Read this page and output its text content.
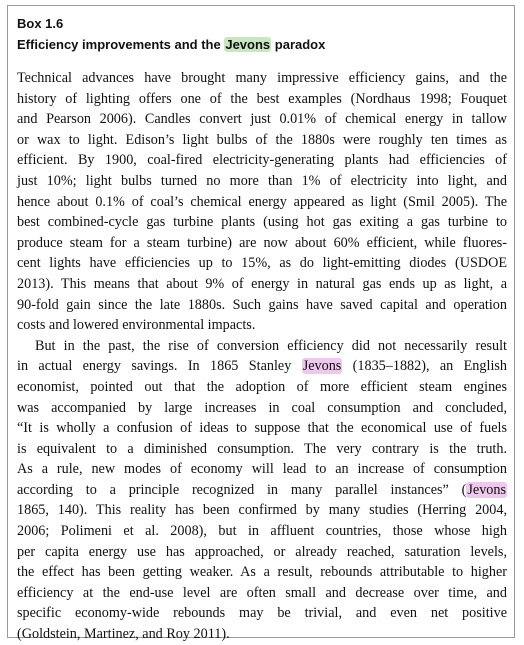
Box 1.6
Efficiency improvements and the Jevons paradox
Technical advances have brought many impressive efficiency gains, and the
history of lighting offers one of the best examples (Nordhaus 1998; Fouquet
and Pearson 2006). Candles convert just 0.01% of chemical energy in tallow
or wax to light. Edison’s light bulbs of the 1880s were roughly ten times as
efficient. By 1900, coal-fired electricity-generating plants had efficiencies of
just 10%; light bulbs turned no more than 1% of electricity into light, and
hence about 0.1% of coal’s chemical energy appeared as light (Smil 2005). The
best combined-cycle gas turbine plants (using hot gas exiting a gas turbine to
produce steam for a steam turbine) are now about 60% efficient, while fluores-
cent lights have efficiencies up to 15%, as do light-emitting diodes (USDOE
2013). This means that about 9% of energy in natural gas ends up as light, a
90-fold gain since the late 1880s. Such gains have saved capital and operation
costs and lowered environmental impacts.
But in the past, the rise of conversion efficiency did not necessarily result
in actual energy savings. In 1865 Stanley Jevons (1835–1882), an English
economist, pointed out that the adoption of more efficient steam engines
was accompanied by large increases in coal consumption and concluded,
“It is wholly a confusion of ideas to suppose that the economical use of fuels
is equivalent to a diminished consumption. The very contrary is the truth.
As a rule, new modes of economy will lead to an increase of consumption
according to a principle recognized in many parallel instances” (Jevons
1865, 140). This reality has been confirmed by many studies (Herring 2004,
2006; Polimeni et al. 2008), but in affluent countries, those whose high
per capita energy use has approached, or already reached, saturation levels,
the effect has been getting weaker. As a result, rebounds attributable to higher
efficiency at the end-use level are often small and decrease over time, and
specific economy-wide rebounds may be trivial, and even net positive
(Goldstein, Martinez, and Roy 2011).
